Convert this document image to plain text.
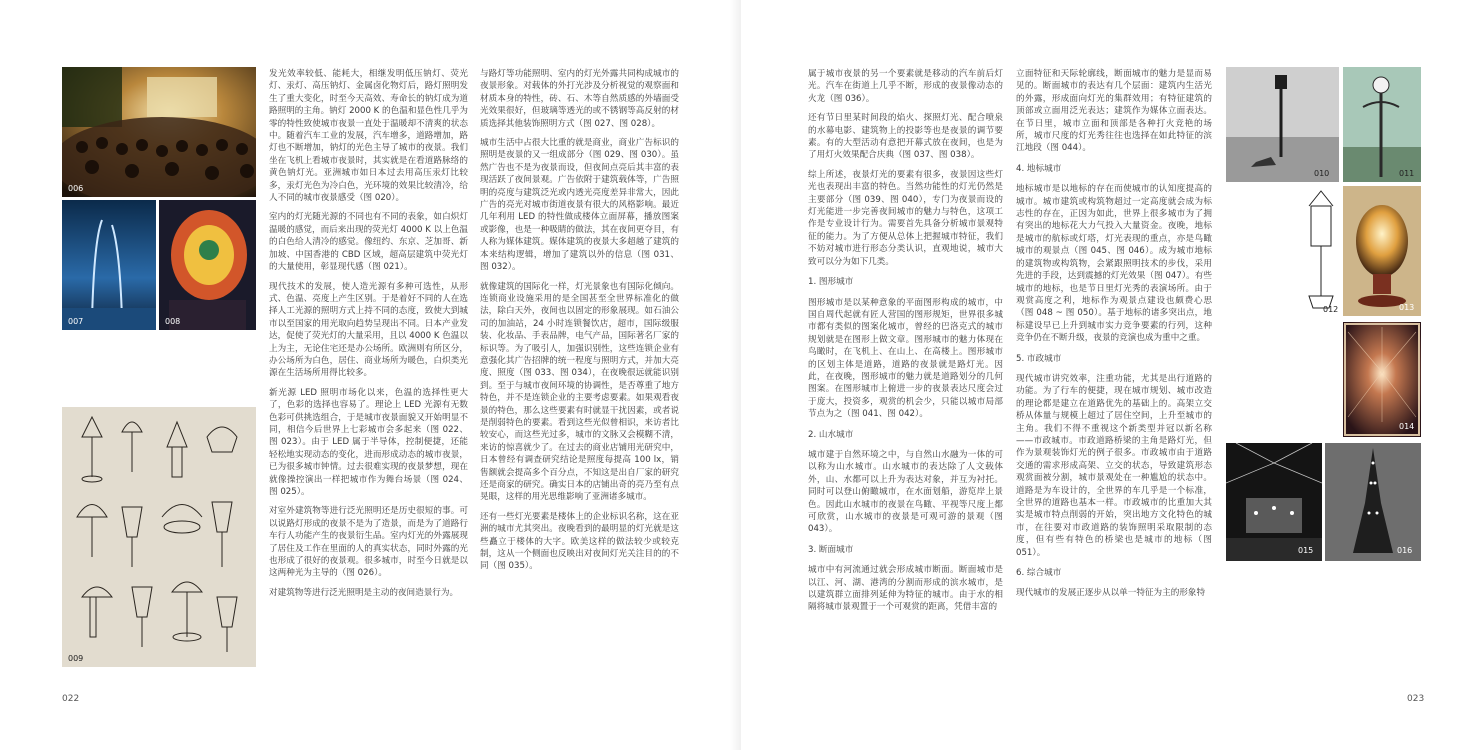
006
007	008
009

发光效率较低、能耗大，相继发明低压钠灯、荧光灯、汞灯、高压钠灯、金属卤化物灯后，路灯照明发生了重大变化，时至今天高效、寿命长的钠灯成为道路照明的主角。钠灯 2000 K 的色温和显色性几乎为零的特性致使城市夜景一直处于温暖却不清爽的状态中。随着汽车工业的发展，汽车增多，道路增加，路灯也不断增加，钠灯的光色主导了城市的夜景。我们坐在飞机上看城市夜景时，其实就是在看道路脉络的黄色钠灯光。亚洲城市如日本过去用高压汞灯比较多，汞灯光色为冷白色，光环境的效果比较清冷，给人不同的城市夜景感受（图 020）。

室内的灯光随光源的不同也有不同的表象，如白炽灯温暖的感觉，而后来出现的荧光灯 4000 K 以上色温的白色给人清冷的感觉。像纽约、东京、芝加哥、新加坡、中国香港的 CBD 区域，超高层建筑中荧光灯的大量使用，彰显现代感（图 021）。

现代技术的发展，使人造光源有多种可选性，从形式、色温、亮度上产生区别。于是着好不同的人在选择人工光源的照明方式上持不同的态度，致使大到城市以至国家的用光取向趋势呈现出不同。日本产业发达，促使了荧光灯的大量采用，且以 4000 K 色温以上为主，无论住宅还是办公场所。欧洲则有所区分，办公场所为白色，居住、商业场所为暖色，白炽类光源在生活场所用得比较多。

新光源 LED 照明市场化以来，色温的选择性更大了，色彩的选择也容易了。理论上 LED 光源有无数色彩可供挑选组合，于是城市夜景面貌又开始明显不同，相信今后世界上七彩城市会多起来（图 022、图 023）。由于 LED 属于半导体，控制便捷，还能轻松地实现动态的变化，进而形成动态的城市夜景，已为很多城市钟情。过去很难实现的夜景梦想，现在就像操控演出一样把城市作为舞台场景（图 024、图 025）。

对室外建筑物等进行泛光照明还是历史很短的事。可以说路灯形成的夜景不是为了造景，而是为了道路行车行人功能产生的夜景衍生品。室内灯光的外露展现了居住及工作在里面的人的真实状态，同时外露的光也形成了很好的夜景观。很多城市，时至今日就是以这两种光为主导的（图 026）。

对建筑物等进行泛光照明是主动的夜间造景行为。

与路灯等功能照明、室内的灯光外露共同构成城市的夜景形象。对载体的外打光涉及分析视觉的观察面和材质本身的特性，砖、石、木等自然质感的外墙面受光效果很好，但玻璃等透光的或不锈钢等高反射的材质选择其他装饰照明方式（图 027、图 028）。

城市生活中占很大比重的就是商业，商业广告标识的照明是夜景的又一组成部分（图 029、图 030）。虽然广告也不是为夜景而设，但夜间点亮后其丰富的表现活跃了夜间景观。广告依附于建筑载体等，广告照明的亮度与建筑泛光或内透光亮度差异非常大，因此广告的亮光对城市街道夜景有很大的风格影响。最近几年利用 LED 的特性做成楼体立面屏幕，播放图案或影像，也是一种吸睛的做法，其在夜间更夺目，有人称为媒体建筑。媒体建筑的夜景大多超越了建筑的本来结构逻辑，增加了建筑以外的信息（图 031、图 032）。

就像建筑的国际化一样，灯光景象也有国际化倾向。连锁商业设施采用的是全国甚至全世界标准化的做法，除白天外，夜间也以固定的形象展现。如石油公司的加油站，24 小时连锁餐饮店，超市，国际级服装、化妆品、手表品牌，电气产品，国际著名厂家的标识等。为了吸引人，加强识别性，这些连锁企业有意强化其广告招牌的统一程度与照明方式，并加大亮度、照度（图 033、图 034），在夜晚很远就能识别到。至于与城市夜间环境的协调性，是否尊重了地方特色，并不是连锁企业的主要考虑要素。如果观看夜景的特色，那么这些要素有时就显干扰因素，或者说是削弱特色的要素。看到这些光似曾相识，来访者比较安心，而这些光过多，城市的文脉又会模糊不清，来访的惊喜就少了。在过去的商业店铺用光研究中，日本曾经有调查研究结论是照度每提高 100 lx，销售额就会提高多个百分点，不知这是出自厂家的研究还是商家的研究。确实日本的店铺出奇的亮乃至有点晃眼，这样的用光思维影响了亚洲诸多城市。

还有一些灯光要素是楼体上的企业标识名称，这在亚洲的城市尤其突出。夜晚看到的最明显的灯光就是这些矗立于楼体的大字。欧美这样的做法较少或较克制，这从一个侧面也反映出对夜间灯光关注目的的不同（图 035）。

022

属于城市夜景的另一个要素就是移动的汽车前后灯光。汽车在街道上几乎不断，形成的夜景像动态的火龙（图 036）。

还有节日里某时间段的焰火、探照灯光、配合喷泉的水幕电影、建筑物上的投影等也是夜景的调节要素。有的大型活动有意把开幕式放在夜间，也是为了用灯火效果配合庆典（图 037、图 038）。

综上所述，夜景灯光的要素有很多，夜景因这些灯光也表现出丰富的特色。当然功能性的灯光仍然是主要部分（图 039、图 040），专门为夜景而设的灯光能进一步完善夜间城市的魅力与特色，这项工作是专业设计行为。需要首先具备分析城市景观特征的能力。为了方便从总体上把握城市特征，我们不妨对城市进行形态分类认识，直观地说，城市大致可以分为如下几类。

1. 图形城市

图形城市是以某种意象的平面图形构成的城市，中国自周代起就有匠人营国的图形规矩，世界很多城市都有类似的图案化城市，曾经的巴洛克式的城市规划就是在图形上做文章。图形城市的魅力体现在鸟瞰时，在飞机上、在山上、在高楼上。图形城市的区划主体是道路，道路的夜景就是路灯光。因此，在夜晚，图形城市的魅力就是道路划分的几何图案。在图形城市上俯进一步的夜景表达尺度会过于庞大，投资多，观赏的机会少，只能以城市局部节点为之（图 041、图 042）。

2. 山水城市

城市建于自然环境之中，与自然山水融为一体的可以称为山水城市。山水城市的表达除了人文载体外，山、水都可以上升为表达对象，并互为衬托。同时可以登山俯瞰城市，在水面划船，游览岸上景色。因此山水城市的夜景在鸟瞰、平视等尺度上都可欣赏，山水城市的夜景是可观可游的景观（图 043）。

3. 断面城市

城市中有河流通过就会形成城市断面。断面城市是以江、河、湖、港湾的分割而形成的滨水城市，是以建筑群立面排列延伸为特征的城市。由于水的相隔将城市景观置于一个可观赏的距离，凭借丰富的

立面特征和天际轮廓线，断面城市的魅力是显而易见的。断面城市的表达有几个层面：建筑内生活光的外露，形成面向灯光的集群效用；有特征建筑的顶部或立面用泛光表达；建筑作为媒体立面表达。在节日里，城市立面和顶部是各种打火竞艳的场所，城市尺度的灯光秀往往也选择在如此特征的滨江地段（图 044）。

4. 地标城市

地标城市是以地标的存在而使城市的认知度提高的城市。城市建筑或构筑物超过一定高度就会成为标志性的存在，正因为如此，世界上很多城市为了拥有突出的地标花大力气投入大量资金。夜晚，地标是城市的航标或灯塔，灯光表现的重点，亦是鸟瞰城市的观景点（图 045、图 046）。成为城市地标的建筑物或构筑物，会紧跟照明技术的步伐，采用先进的手段，达到震撼的灯光效果（图 047）。有些城市的地标，也是节日里灯光秀的表演场所。由于观赏高度之利，地标作为观景点建设也颇费心思（图 048 ~ 图 050）。基于地标的诸多突出点，地标建设早已上升到城市实力竞争要素的行列，这种竞争仍在不断升级，夜景的竞演也成为重中之重。

5. 市政城市

现代城市讲究效率，注重功能，尤其是出行道路的功能。为了行车的便捷，现在城市规划、城市改造的理论都是建立在道路优先的基础上的。高架立交桥从体量与规模上超过了居住空间，上升至城市的主角。我们不得不重视这个新类型并冠以新名称——市政城市。市政道路桥梁的主角是路灯光，但作为景观装饰灯光的例子很多。市政城市由于道路交通的需求形成高架、立交的状态，导致建筑形态观赏面被分割，城市景观处在一种尴尬的状态中。道路是为车设计的，全世界的车几乎是一个标准，全世界的道路也基本一样。市政城市的比重加大其实是城市特点削弱的开始，突出地方文化特色的城市，在往要对市政道路的装饰照明采取限制的态度，但有些有特色的桥梁也是城市的地标（图 051）。

6. 综合城市

现代城市的发展正逐步从以单一特征为主的形象特

010	011
012	013
014
015	016
023
